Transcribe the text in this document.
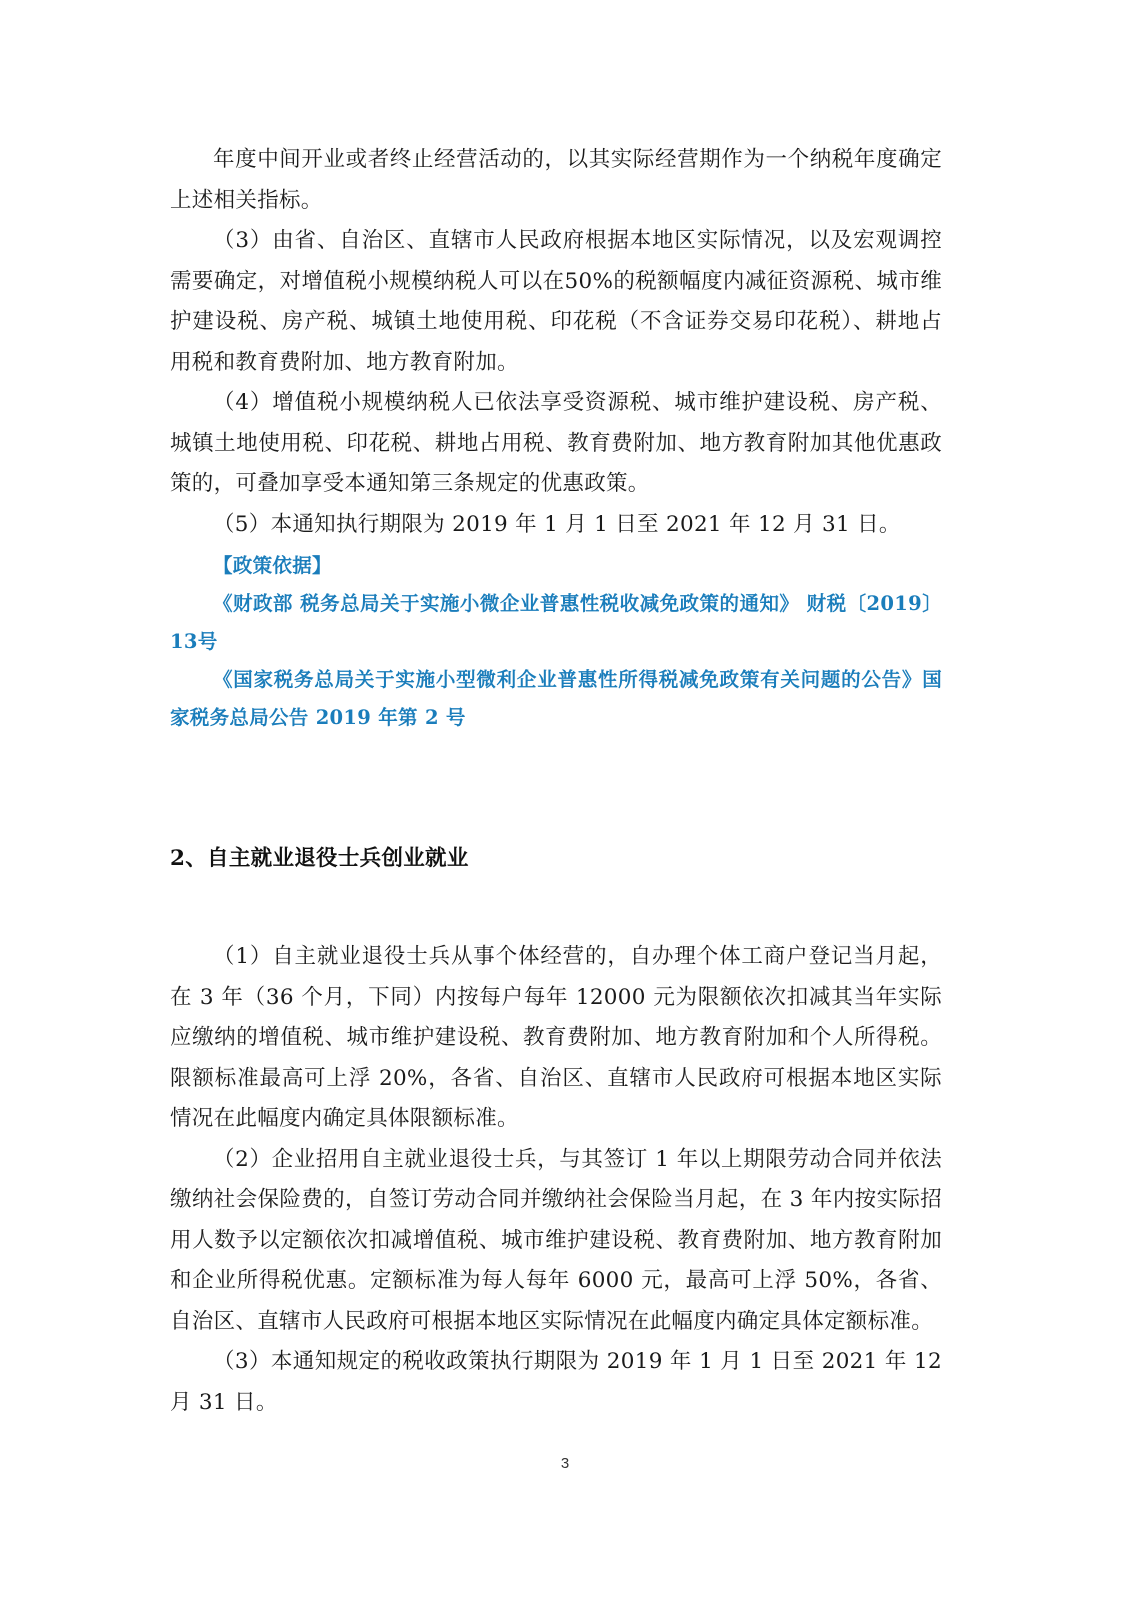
年度中间开业或者终止经营活动的，以其实际经营期作为一个纳税年度确定上述相关指标。

（3）由省、自治区、直辖市人民政府根据本地区实际情况，以及宏观调控需要确定，对增值税小规模纳税人可以在50%的税额幅度内减征资源税、城市维护建设税、房产税、城镇土地使用税、印花税（不含证券交易印花税）、耕地占用税和教育费附加、地方教育附加。

（4）增值税小规模纳税人已依法享受资源税、城市维护建设税、房产税、城镇土地使用税、印花税、耕地占用税、教育费附加、地方教育附加其他优惠政策的，可叠加享受本通知第三条规定的优惠政策。

（5）本通知执行期限为 2019 年 1 月 1 日至 2021 年 12 月 31 日。

【政策依据】

《财政部 税务总局关于实施小微企业普惠性税收减免政策的通知》 财税〔2019〕13号

《国家税务总局关于实施小型微利企业普惠性所得税减免政策有关问题的公告》国家税务总局公告 2019 年第 2 号

2、自主就业退役士兵创业就业

（1）自主就业退役士兵从事个体经营的，自办理个体工商户登记当月起，在 3 年（36 个月，下同）内按每户每年 12000 元为限额依次扣减其当年实际应缴纳的增值税、城市维护建设税、教育费附加、地方教育附加和个人所得税。限额标准最高可上浮 20%，各省、自治区、直辖市人民政府可根据本地区实际情况在此幅度内确定具体限额标准。

（2）企业招用自主就业退役士兵，与其签订 1 年以上期限劳动合同并依法缴纳社会保险费的，自签订劳动合同并缴纳社会保险当月起，在 3 年内按实际招用人数予以定额依次扣减增值税、城市维护建设税、教育费附加、地方教育附加和企业所得税优惠。定额标准为每人每年 6000 元，最高可上浮 50%，各省、自治区、直辖市人民政府可根据本地区实际情况在此幅度内确定具体定额标准。

（3）本通知规定的税收政策执行期限为 2019 年 1 月 1 日至 2021 年 12 月 31 日。

3
